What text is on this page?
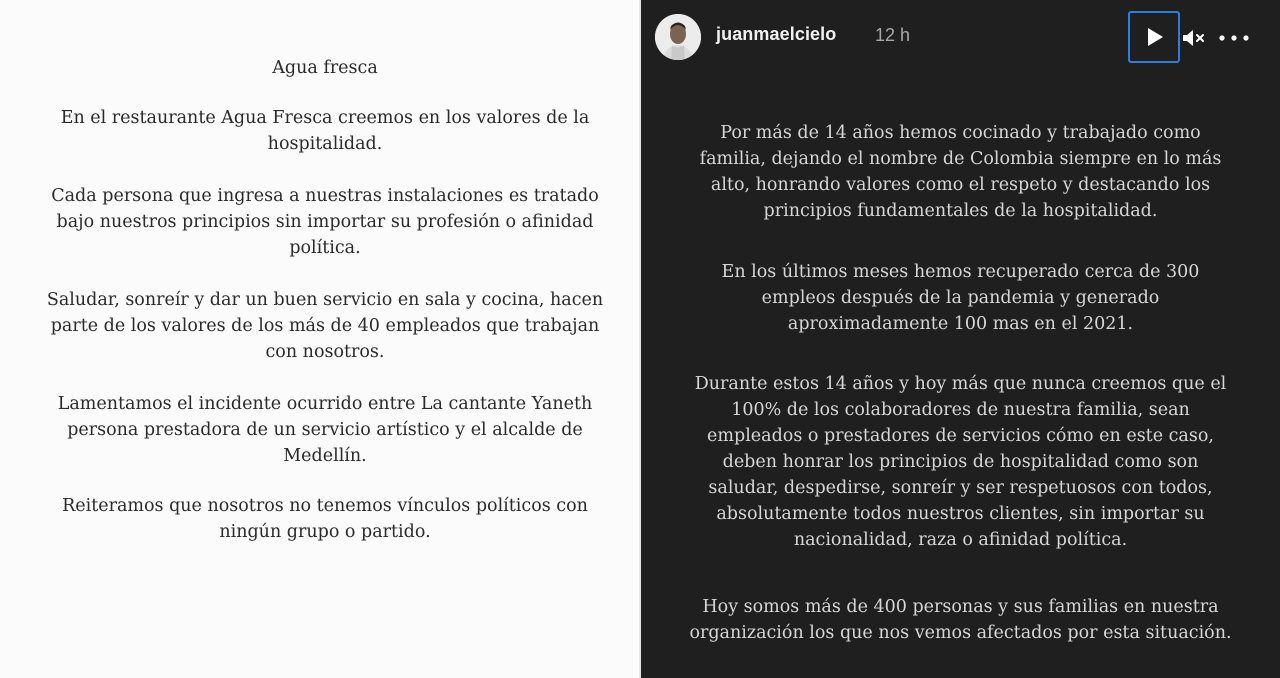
Agua fresca
En el restaurante Agua Fresca creemos en los valores de la
hospitalidad.
Cada persona que ingresa a nuestras instalaciones es tratado
bajo nuestros principios sin importar su profesión o afinidad
política.
Saludar, sonreír y dar un buen servicio en sala y cocina, hacen
parte de los valores de los más de 40 empleados que trabajan
con nosotros.
Lamentamos el incidente ocurrido entre La cantante Yaneth
persona prestadora de un servicio artístico y el alcalde de
Medellín.
Reiteramos que nosotros no tenemos vínculos políticos con
ningún grupo o partido.
juanmaelcielo 12 h
Por más de 14 años hemos cocinado y trabajado como
familia, dejando el nombre de Colombia siempre en lo más
alto, honrando valores como el respeto y destacando los
principios fundamentales de la hospitalidad.
En los últimos meses hemos recuperado cerca de 300
empleos después de la pandemia y generado
aproximadamente 100 mas en el 2021.
Durante estos 14 años y hoy más que nunca creemos que el
100% de los colaboradores de nuestra familia, sean
empleados o prestadores de servicios cómo en este caso,
deben honrar los principios de hospitalidad como son
saludar, despedirse, sonreír y ser respetuosos con todos,
absolutamente todos nuestros clientes, sin importar su
nacionalidad, raza o afinidad política.
Hoy somos más de 400 personas y sus familias en nuestra
organización los que nos vemos afectados por esta situación.
